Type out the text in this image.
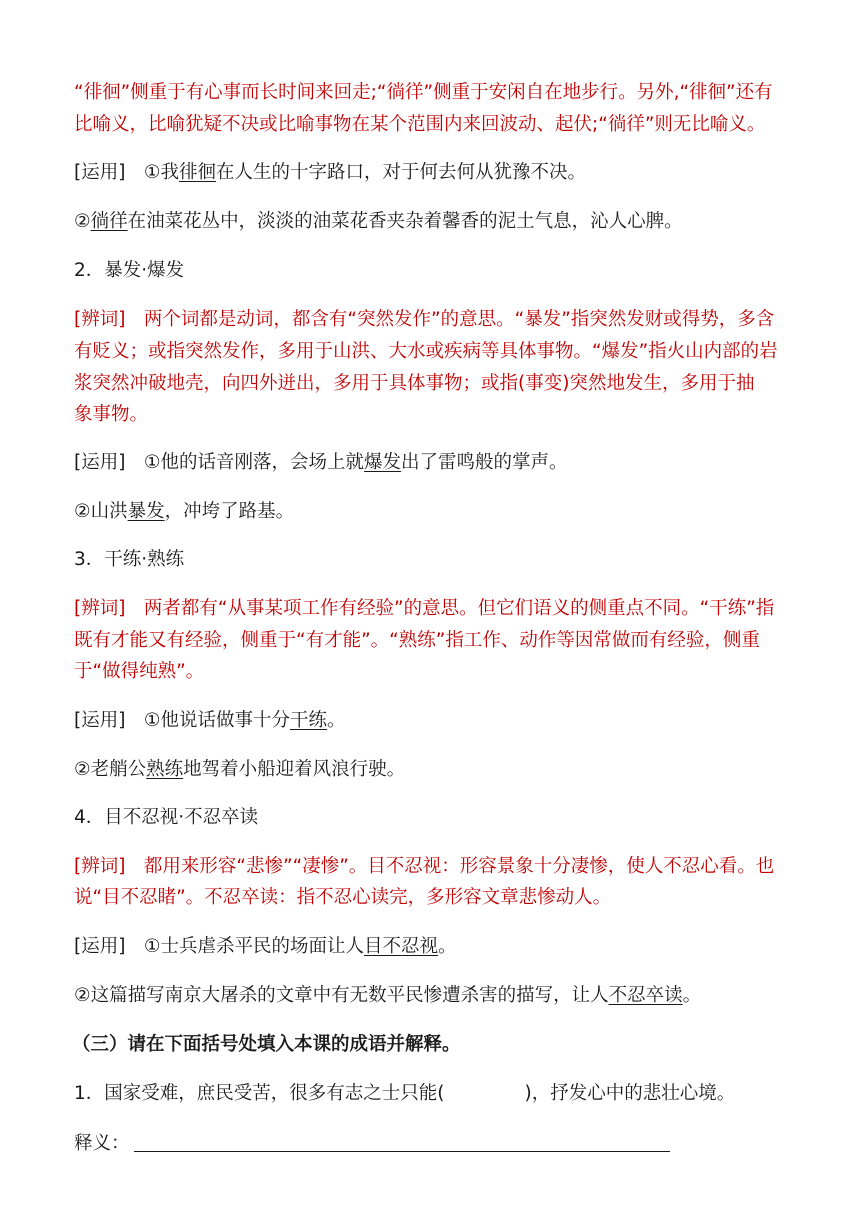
“徘徊”侧重于有心事而长时间来回走;“徜徉”侧重于安闲自在地步行。另外,“徘徊”还有
比喻义，比喻犹疑不决或比喻事物在某个范围内来回波动、起伏;“徜徉”则无比喻义。
[运用]　①我徘徊在人生的十字路口，对于何去何从犹豫不决。
②徜徉在油菜花丛中，淡淡的油菜花香夹杂着馨香的泥土气息，沁人心脾。
2．暴发·爆发
[辨词]　两个词都是动词，都含有“突然发作”的意思。“暴发”指突然发财或得势，多含
有贬义；或指突然发作，多用于山洪、大水或疾病等具体事物。“爆发”指火山内部的岩
浆突然冲破地壳，向四外迸出，多用于具体事物；或指(事变)突然地发生，多用于抽
象事物。
[运用]　①他的话音刚落，会场上就爆发出了雷鸣般的掌声。
②山洪暴发，冲垮了路基。
3．干练·熟练
[辨词]　两者都有“从事某项工作有经验”的意思。但它们语义的侧重点不同。“干练”指
既有才能又有经验，侧重于“有才能”。“熟练”指工作、动作等因常做而有经验，侧重
于“做得纯熟”。
[运用]　①他说话做事十分干练。
②老艄公熟练地驾着小船迎着风浪行驶。
4．目不忍视·不忍卒读
[辨词]　都用来形容“悲惨”“凄惨”。目不忍视：形容景象十分凄惨，使人不忍心看。也
说“目不忍睹”。不忍卒读：指不忍心读完，多形容文章悲惨动人。
[运用]　①士兵虐杀平民的场面让人目不忍视。
②这篇描写南京大屠杀的文章中有无数平民惨遭杀害的描写，让人不忍卒读。
（三）请在下面括号处填入本课的成语并解释。
1．国家受难，庶民受苦，很多有志之士只能(	)，抒发心中的悲壮心境。
释义：
